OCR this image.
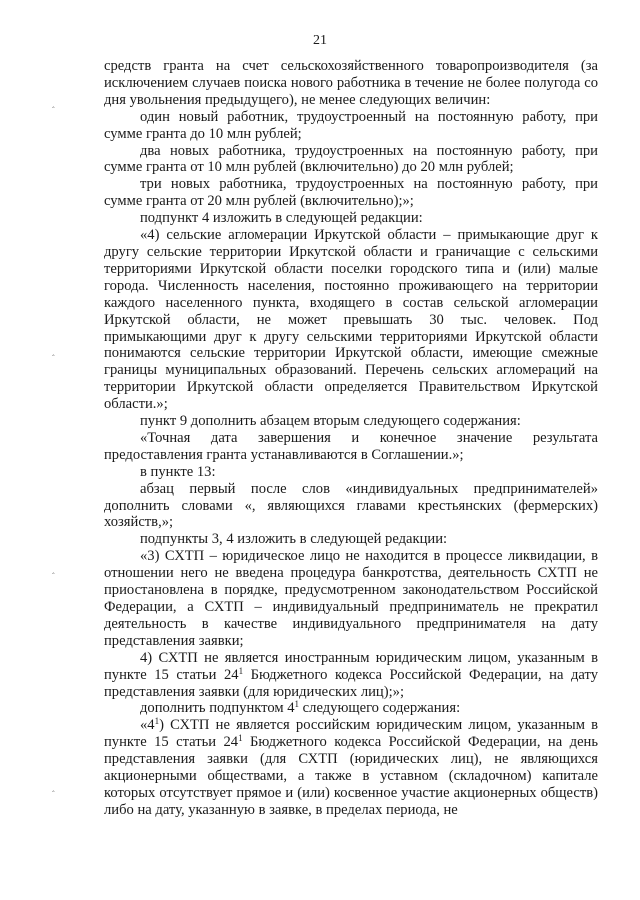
21
‸
‸
‸
‸

средств гранта на счет сельскохозяйственного товаропроизводителя (за исключением случаев поиска нового работника в течение не более полугода со дня увольнения предыдущего), не менее следующих величин:

один новый работник, трудоустроенный на постоянную работу, при сумме гранта до 10 млн рублей;

два новых работника, трудоустроенных на постоянную работу, при сумме гранта от 10 млн рублей (включительно) до 20 млн рублей;

три новых работника, трудоустроенных на постоянную работу, при сумме гранта от 20 млн рублей (включительно);»;

подпункт 4 изложить в следующей редакции:

«4) сельские агломерации Иркутской области – примыкающие друг к другу сельские территории Иркутской области и граничащие с сельскими территориями Иркутской области поселки городского типа и (или) малые города. Численность населения, постоянно проживающего на территории каждого населенного пункта, входящего в состав сельской агломерации Иркутской области, не может превышать 30 тыс. человек. Под примыкающими друг к другу сельскими территориями Иркутской области понимаются сельские территории Иркутской области, имеющие смежные границы муниципальных образований. Перечень сельских агломераций на территории Иркутской области определяется Правительством Иркутской области.»;

пункт 9 дополнить абзацем вторым следующего содержания:

«Точная дата завершения и конечное значение результата предоставления гранта устанавливаются в Соглашении.»;

в пункте 13:

абзац первый после слов «индивидуальных предпринимателей» дополнить словами «, являющихся главами крестьянских (фермерских) хозяйств,»;

подпункты 3, 4 изложить в следующей редакции:

«3) СХТП – юридическое лицо не находится в процессе ликвидации, в отношении него не введена процедура банкротства, деятельность СХТП не приостановлена в порядке, предусмотренном законодательством Российской Федерации, а СХТП – индивидуальный предприниматель не прекратил деятельность в качестве индивидуального предпринимателя на дату представления заявки;

4) СХТП не является иностранным юридическим лицом, указанным в пункте 15 статьи $24^1$ Бюджетного кодекса Российской Федерации, на дату представления заявки (для юридических лиц);»;

дополнить подпунктом $4^1$ следующего содержания:

«$4^1$) СХТП не является российским юридическим лицом, указанным в пункте 15 статьи $24^1$ Бюджетного кодекса Российской Федерации, на день представления заявки (для СХТП (юридических лиц), не являющихся акционерными обществами, а также в уставном (складочном) капитале которых отсутствует прямое и (или) косвенное участие акционерных обществ) либо на дату, указанную в заявке, в пределах периода, не
